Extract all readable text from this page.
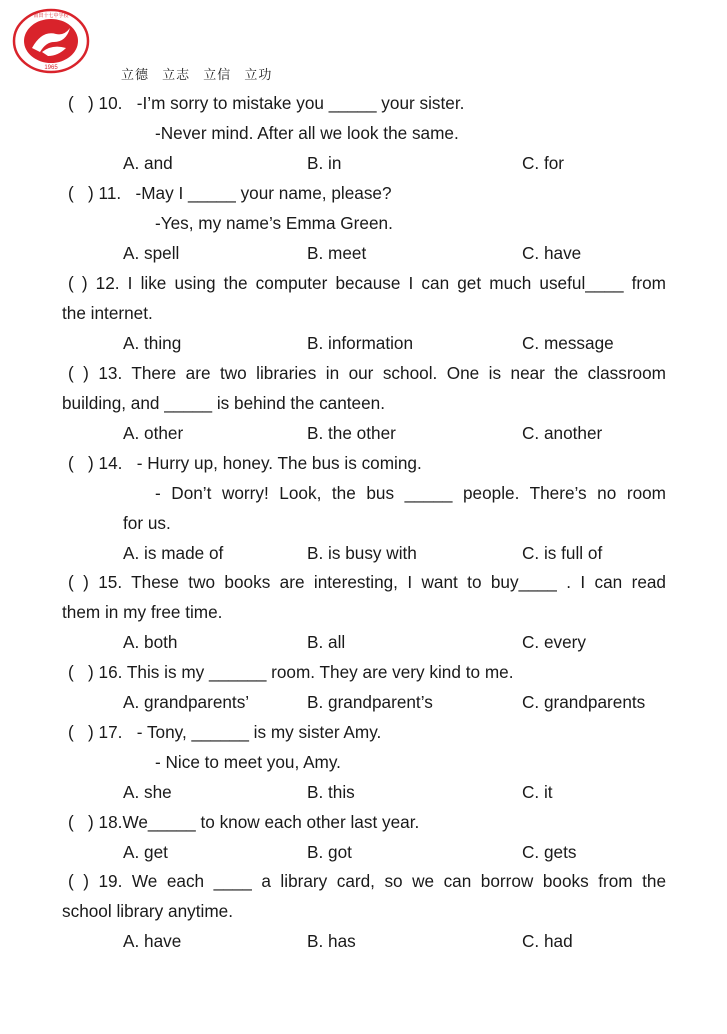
1965
莆田十七中学校
立德 立志 立信 立功
(   ) 10.   -I’m sorry to mistake you _____ your sister.
-Never mind. After all we look the same.
A. and	B. in	C. for
(   ) 11.   -May I _____ your name, please?
-Yes, my name’s Emma Green.
A. spell	B. meet	C. have
( ) 12. I like using the computer because I can get much useful____ from
the internet.
A. thing	B. information	C. message
( ) 13. There are two libraries in our school. One is near the classroom
building, and _____ is behind the canteen.
A. other	B. the other	C. another
(   ) 14.   - Hurry up, honey. The bus is coming.
- Don’t worry! Look, the bus _____ people. There’s no room
for us.
A. is made of	B. is busy with	C. is full of
( ) 15. These two books are interesting, I want to buy____ . I can read
them in my free time.
A. both	B. all	C. every
(   ) 16. This is my ______ room. They are very kind to me.
A. grandparents’	B. grandparent’s	C. grandparents
(   ) 17.   - Tony, ______ is my sister Amy.
- Nice to meet you, Amy.
A. she	B. this	C. it
(   ) 18.We_____ to know each other last year.
A. get	B. got	C. gets
( ) 19. We each ____ a library card, so we can borrow books from the
school library anytime.
A. have	B. has	C. had
